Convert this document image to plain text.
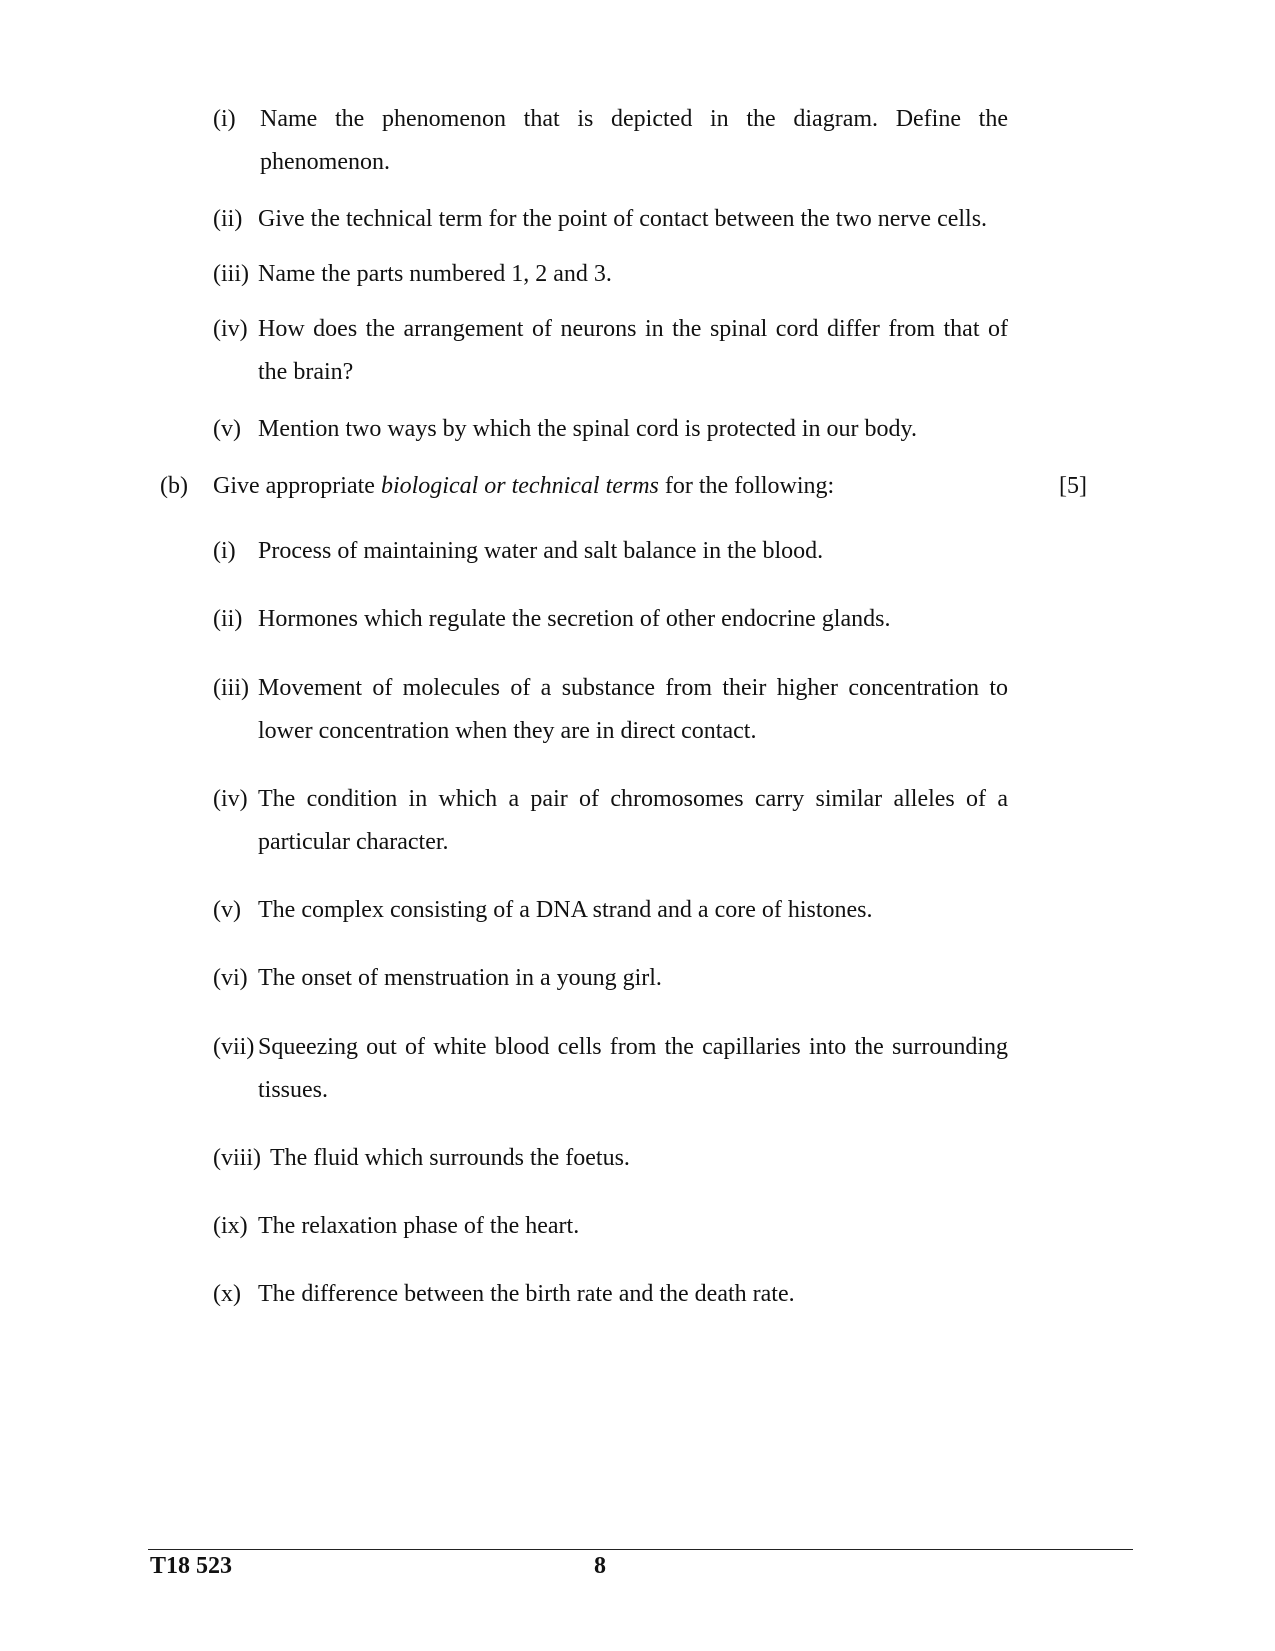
(i) Name the phenomenon that is depicted in the diagram. Define the phenomenon.
(ii) Give the technical term for the point of contact between the two nerve cells.
(iii) Name the parts numbered 1, 2 and 3.
(iv) How does the arrangement of neurons in the spinal cord differ from that of the brain?
(v) Mention two ways by which the spinal cord is protected in our body.
(b) Give appropriate biological or technical terms for the following:	[5]
(i) Process of maintaining water and salt balance in the blood.
(ii) Hormones which regulate the secretion of other endocrine glands.
(iii) Movement of molecules of a substance from their higher concentration to lower concentration when they are in direct contact.
(iv) The condition in which a pair of chromosomes carry similar alleles of a particular character.
(v) The complex consisting of a DNA strand and a core of histones.
(vi) The onset of menstruation in a young girl.
(vii) Squeezing out of white blood cells from the capillaries into the surrounding tissues.
(viii) The fluid which surrounds the foetus.
(ix) The relaxation phase of the heart.
(x) The difference between the birth rate and the death rate.
T18 523	8
